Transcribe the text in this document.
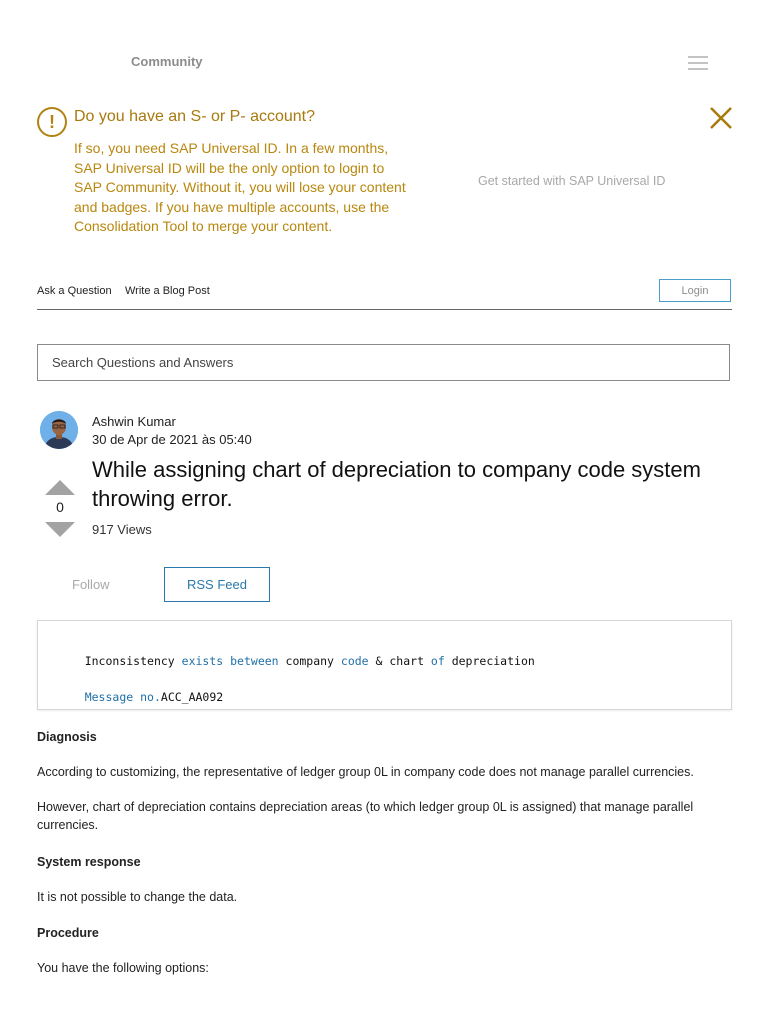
Community
!	Do you have an S- or P- account?
If so, you need SAP Universal ID. In a few months, SAP Universal ID will be the only option to login to SAP Community. Without it, you will lose your content and badges. If you have multiple accounts, use the Consolidation Tool to merge your content.
Get started with SAP Universal ID
Ask a Question Write a Blog Post	Login
Search Questions and Answers
Ashwin Kumar
30 de Apr de 2021 às 05:40
While assigning chart of depreciation to company code system throwing error.
0
917 Views
Follow	RSS Feed

Inconsistency exists between company code & chart of depreciation

Message no.ACC_AA092

Diagnosis
According to customizing, the representative of ledger group 0L in company code does not manage parallel currencies.
However, chart of depreciation contains depreciation areas (to which ledger group 0L is assigned) that manage parallel currencies.
System response
It is not possible to change the data.
Procedure
You have the following options:
